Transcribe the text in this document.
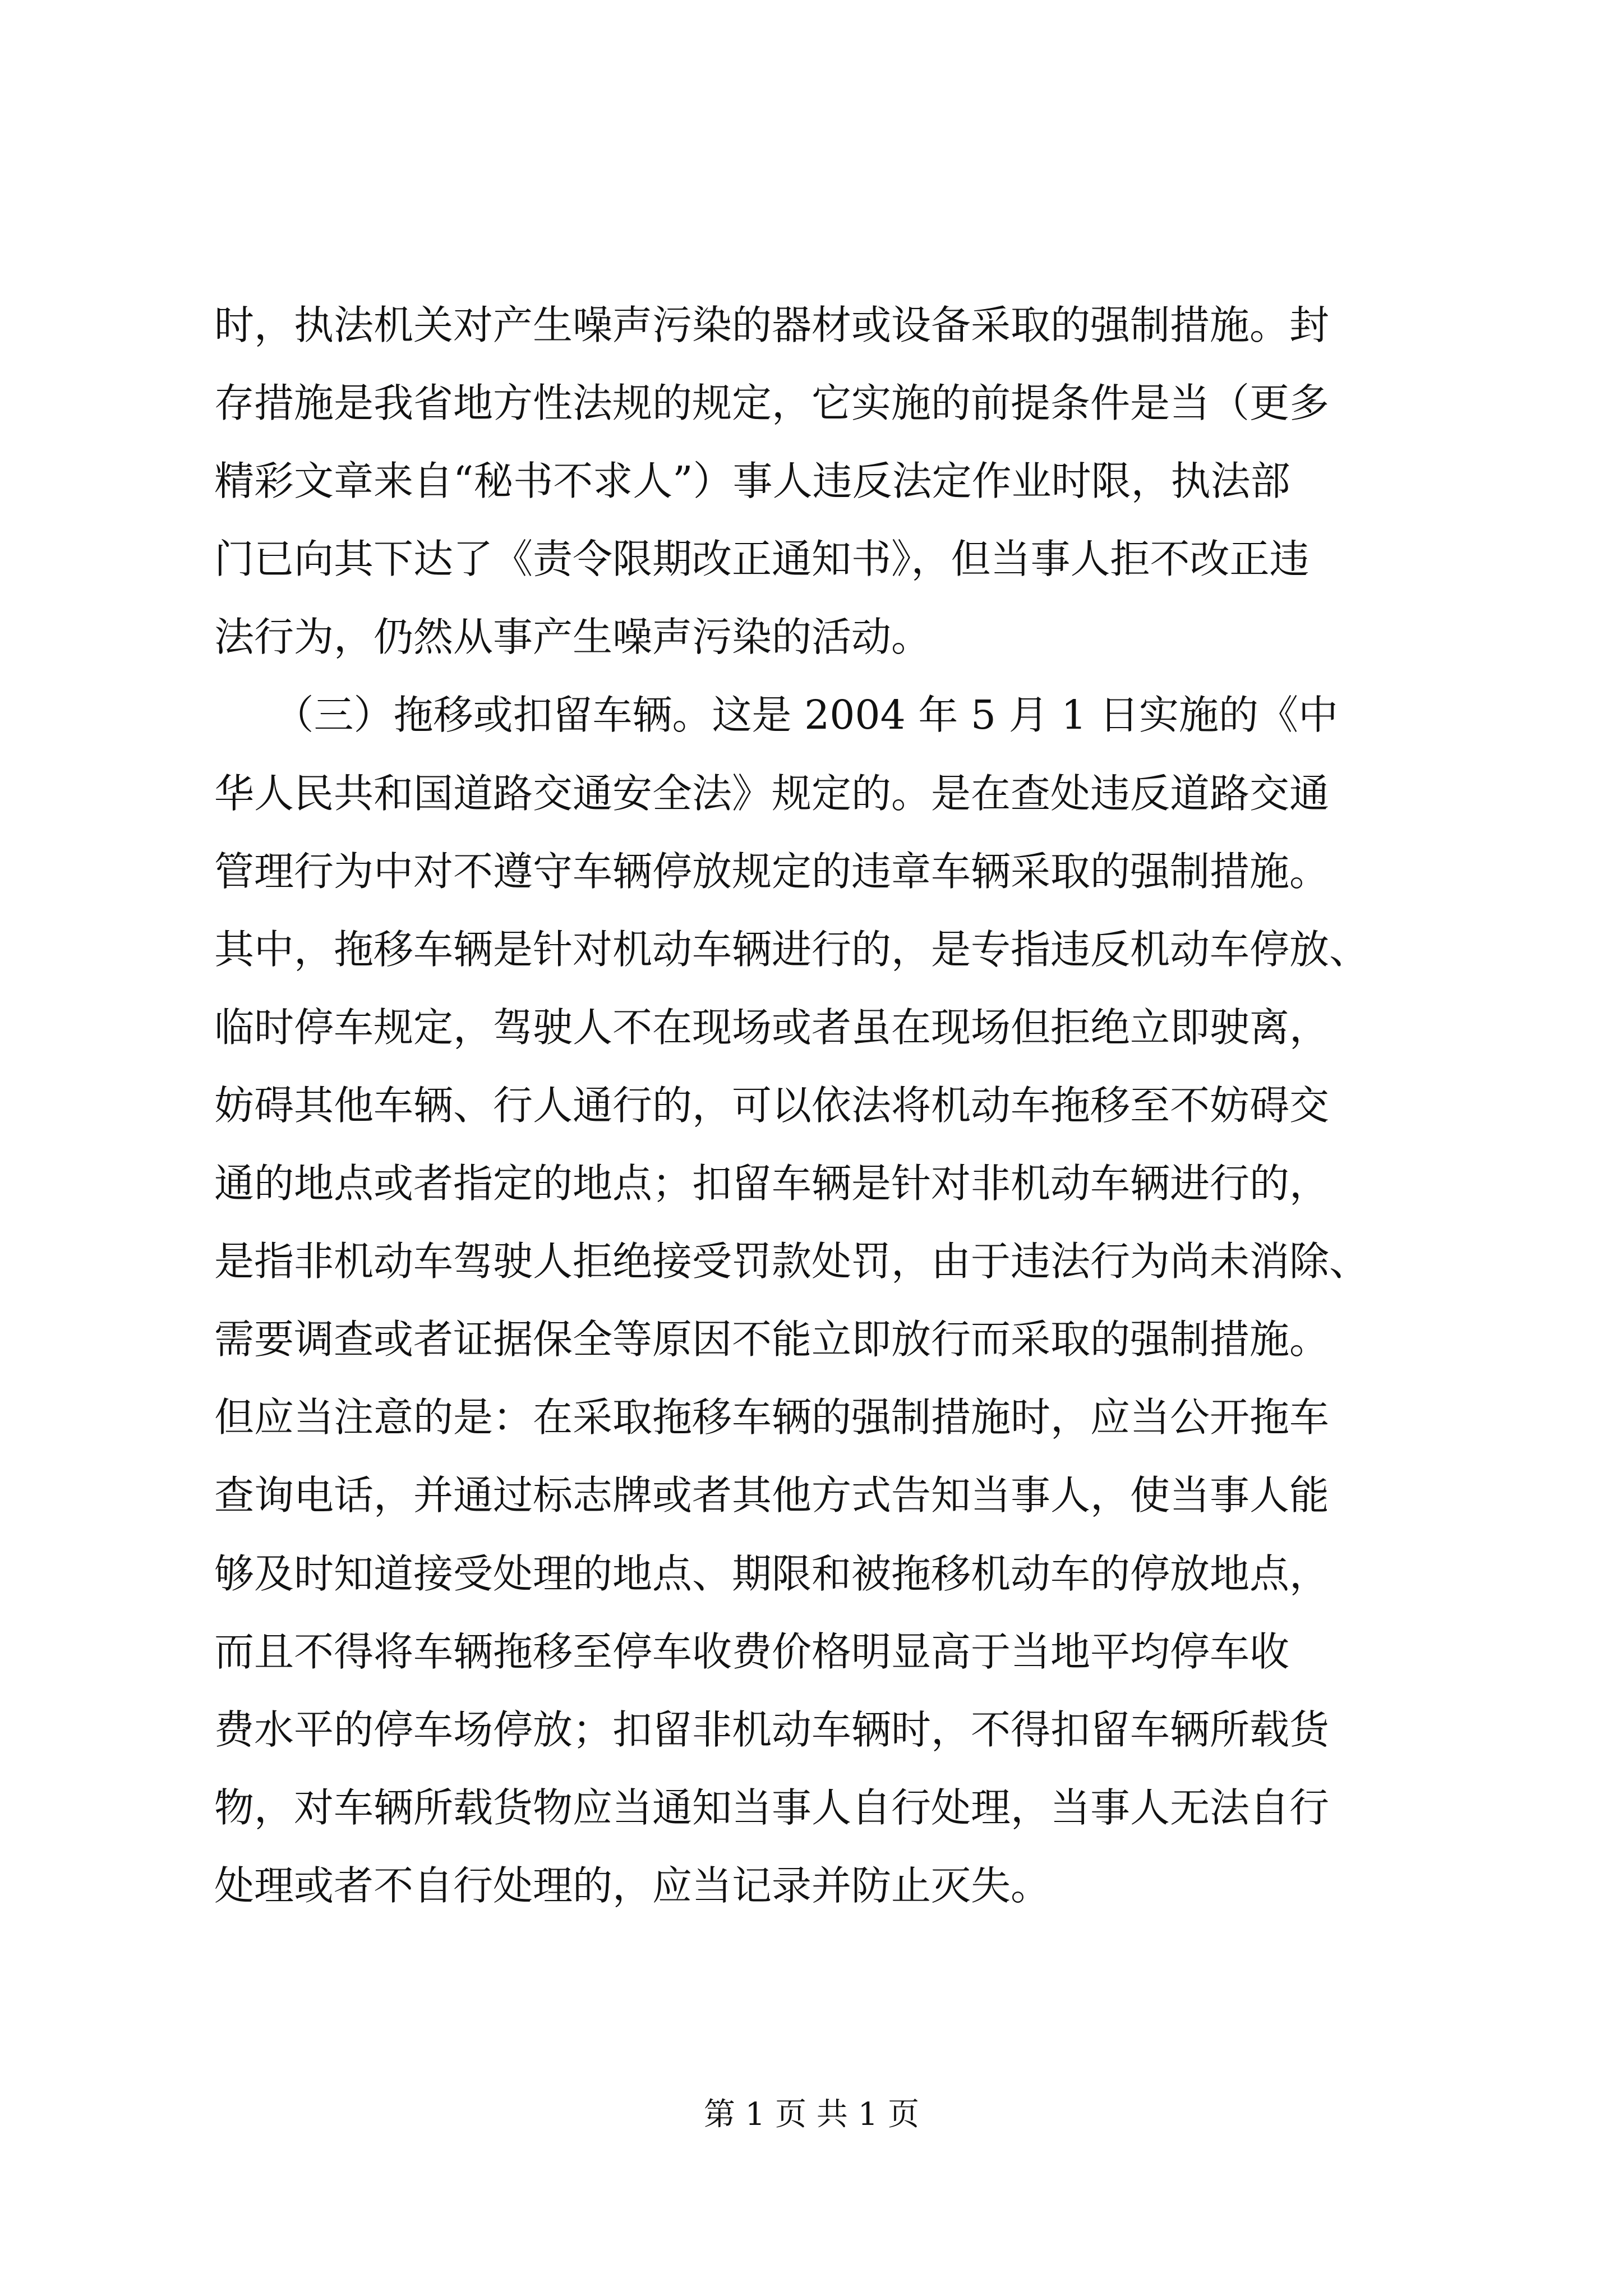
时，执法机关对产生噪声污染的器材或设备采取的强制措施。封
存措施是我省地方性法规的规定，它实施的前提条件是当（更多
精彩文章来自“秘书不求人”）事人违反法定作业时限，执法部
门已向其下达了《责令限期改正通知书》，但当事人拒不改正违
法行为，仍然从事产生噪声污染的活动。
　　（三）拖移或扣留车辆。这是 2004 年 5 月 1 日实施的《中
华人民共和国道路交通安全法》规定的。是在查处违反道路交通
管理行为中对不遵守车辆停放规定的违章车辆采取的强制措施。
其中，拖移车辆是针对机动车辆进行的，是专指违反机动车停放、
临时停车规定，驾驶人不在现场或者虽在现场但拒绝立即驶离，
妨碍其他车辆、行人通行的，可以依法将机动车拖移至不妨碍交
通的地点或者指定的地点；扣留车辆是针对非机动车辆进行的，
是指非机动车驾驶人拒绝接受罚款处罚，由于违法行为尚未消除、
需要调查或者证据保全等原因不能立即放行而采取的强制措施。
但应当注意的是：在采取拖移车辆的强制措施时，应当公开拖车
查询电话，并通过标志牌或者其他方式告知当事人，使当事人能
够及时知道接受处理的地点、期限和被拖移机动车的停放地点，
而且不得将车辆拖移至停车收费价格明显高于当地平均停车收
费水平的停车场停放；扣留非机动车辆时，不得扣留车辆所载货
物，对车辆所载货物应当通知当事人自行处理，当事人无法自行
处理或者不自行处理的，应当记录并防止灭失。
第 1 页 共 1 页
